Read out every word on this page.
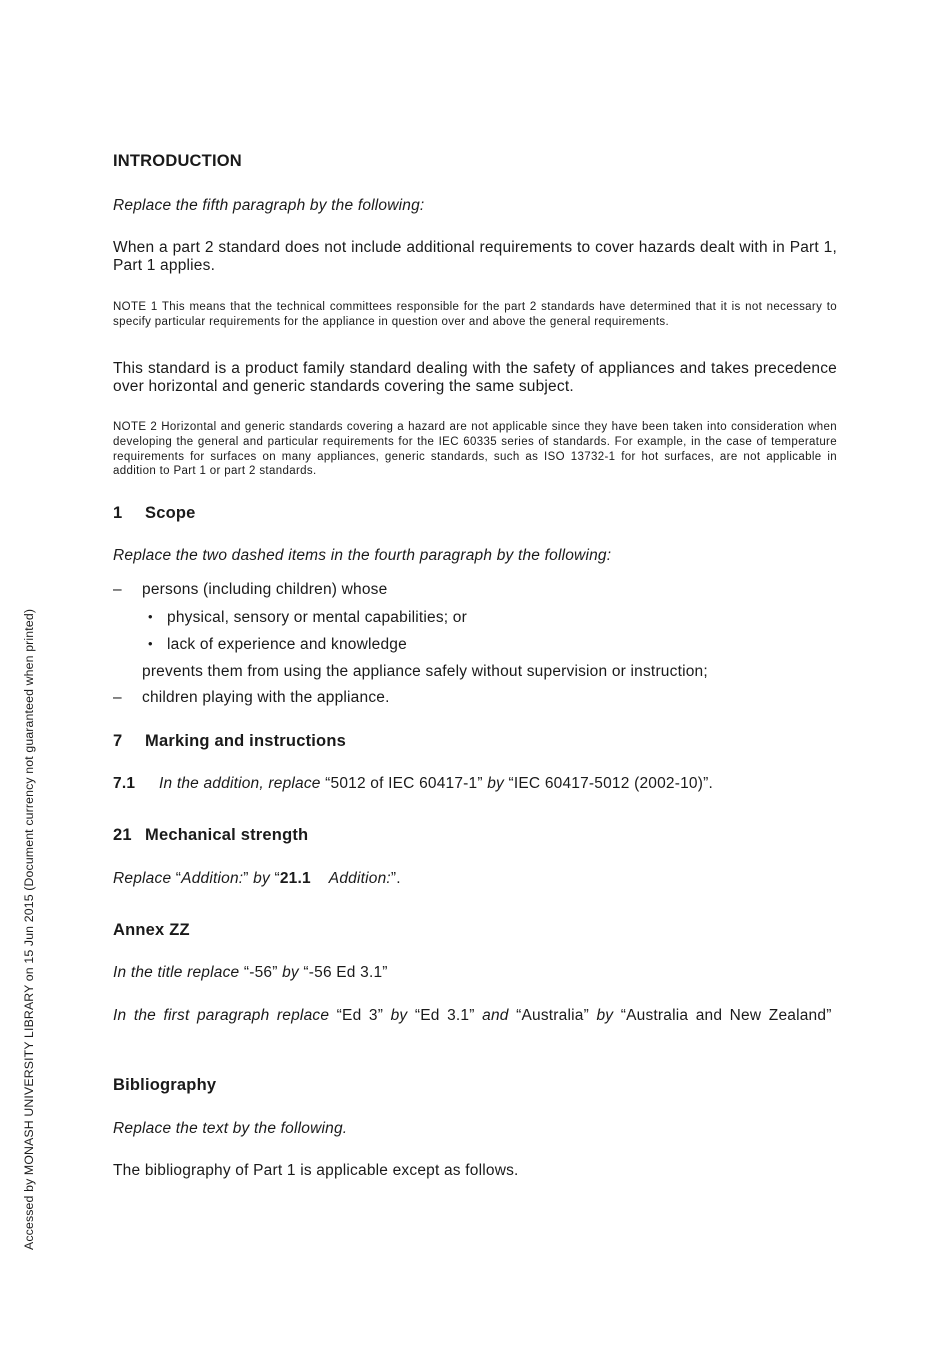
Accessed by MONASH UNIVERSITY LIBRARY on 15 Jun 2015 (Document currency not guaranteed when printed)
INTRODUCTION
Replace the fifth paragraph by the following:

When a part 2 standard does not include additional requirements to cover hazards dealt with in Part 1, Part 1 applies.

NOTE 1 This means that the technical committees responsible for the part 2 standards have determined that it is not necessary to specify particular requirements for the appliance in question over and above the general requirements.

This standard is a product family standard dealing with the safety of appliances and takes precedence over horizontal and generic standards covering the same subject.

NOTE 2 Horizontal and generic standards covering a hazard are not applicable since they have been taken into consideration when developing the general and particular requirements for the IEC 60335 series of standards. For example, in the case of temperature requirements for surfaces on many appliances, generic standards, such as ISO 13732-1 for hot surfaces, are not applicable in addition to Part 1 or part 2 standards.

1 Scope
Replace the two dashed items in the fourth paragraph by the following:
– persons (including children) whose
• physical, sensory or mental capabilities; or
• lack of experience and knowledge
prevents them from using the appliance safely without supervision or instruction;
– children playing with the appliance.
7 Marking and instructions
7.1 In the addition, replace “5012 of IEC 60417-1” by “IEC 60417-5012 (2002-10)”.
21 Mechanical strength
Replace “Addition:” by “21.1 Addition:”.
Annex ZZ
In the title replace “-56” by “-56 Ed 3.1”

In the first paragraph replace “Ed 3” by “Ed 3.1” and “Australia” by “Australia and New Zealand”

Bibliography
Replace the text by the following.
The bibliography of Part 1 is applicable except as follows.
